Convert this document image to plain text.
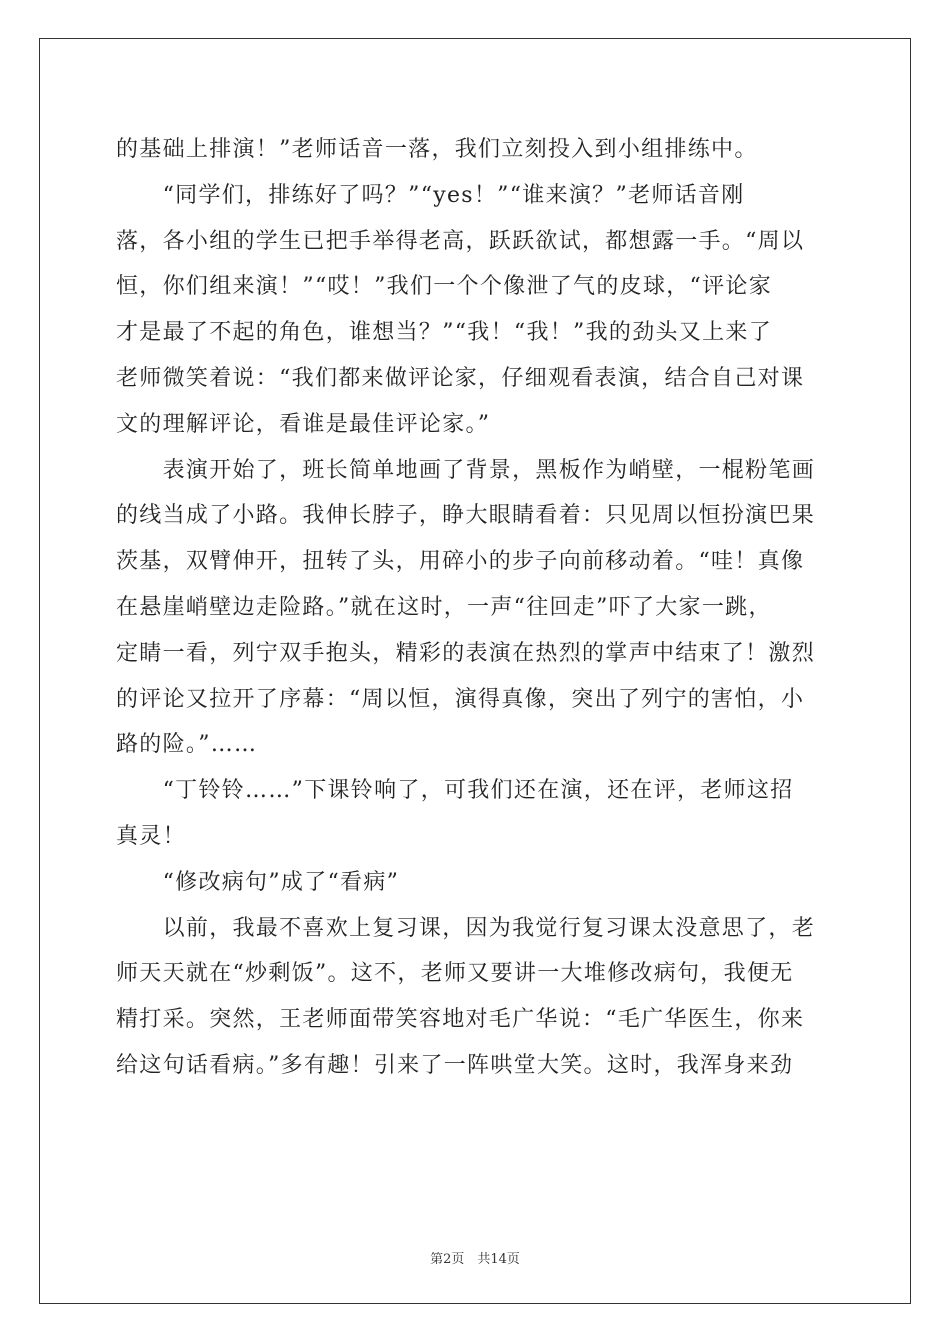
的基础上排演！”老师话音一落，我们立刻投入到小组排练中。
　　“同学们，排练好了吗？”“yes！”“谁来演？”老师话音刚
落，各小组的学生已把手举得老高，跃跃欲试，都想露一手。“周以
恒，你们组来演！”“哎！”我们一个个像泄了气的皮球，“评论家
才是最了不起的角色，谁想当？”“我！“我！”我的劲头又上来了
老师微笑着说：“我们都来做评论家，仔细观看表演，结合自己对课
文的理解评论，看谁是最佳评论家。”
　　表演开始了，班长简单地画了背景，黑板作为峭壁，一棍粉笔画
的线当成了小路。我伸长脖子，睁大眼睛看着：只见周以恒扮演巴果
茨基，双臂伸开，扭转了头，用碎小的步子向前移动着。“哇！真像
在悬崖峭壁边走险路。”就在这时，一声“往回走”吓了大家一跳，
定睛一看，列宁双手抱头，精彩的表演在热烈的掌声中结束了！激烈
的评论又拉开了序幕：“周以恒，演得真像，突出了列宁的害怕，小
路的险。”……
　　“丁铃铃……”下课铃响了，可我们还在演，还在评，老师这招
真灵！
　　“修改病句”成了“看病”
　　以前，我最不喜欢上复习课，因为我觉行复习课太没意思了，老
师天天就在“炒剩饭”。这不，老师又要讲一大堆修改病句，我便无
精打采。突然，王老师面带笑容地对毛广华说：“毛广华医生，你来
给这句话看病。”多有趣！引来了一阵哄堂大笑。这时，我浑身来劲
第2页　共14页
